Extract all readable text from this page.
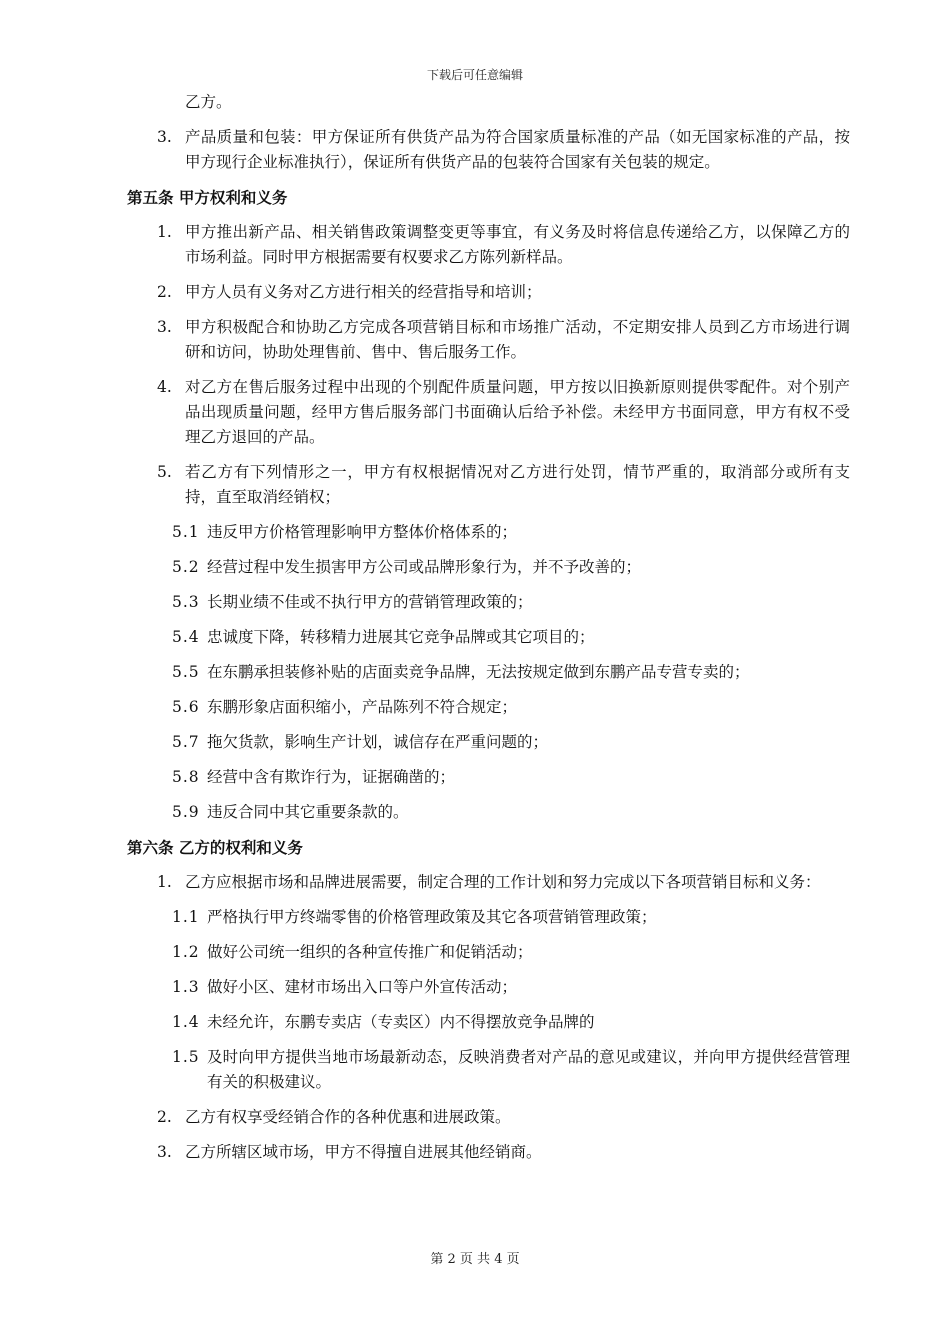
下载后可任意编辑
乙方。
3. 产品质量和包装：甲方保证所有供货产品为符合国家质量标准的产品（如无国家标准的产品，按甲方现行企业标准执行），保证所有供货产品的包装符合国家有关包装的规定。
第五条 甲方权利和义务
1. 甲方推出新产品、相关销售政策调整变更等事宜，有义务及时将信息传递给乙方，以保障乙方的市场利益。同时甲方根据需要有权要求乙方陈列新样品。
2. 甲方人员有义务对乙方进行相关的经营指导和培训；
3. 甲方积极配合和协助乙方完成各项营销目标和市场推广活动，不定期安排人员到乙方市场进行调研和访问，协助处理售前、售中、售后服务工作。
4. 对乙方在售后服务过程中出现的个别配件质量问题，甲方按以旧换新原则提供零配件。对个别产品出现质量问题，经甲方售后服务部门书面确认后给予补偿。未经甲方书面同意，甲方有权不受理乙方退回的产品。
5. 若乙方有下列情形之一，甲方有权根据情况对乙方进行处罚，情节严重的，取消部分或所有支持，直至取消经销权；
5.1 违反甲方价格管理影响甲方整体价格体系的；
5.2 经营过程中发生损害甲方公司或品牌形象行为，并不予改善的；
5.3 长期业绩不佳或不执行甲方的营销管理政策的；
5.4 忠诚度下降，转移精力进展其它竞争品牌或其它项目的；
5.5 在东鹏承担装修补贴的店面卖竞争品牌，无法按规定做到东鹏产品专营专卖的；
5.6 东鹏形象店面积缩小，产品陈列不符合规定；
5.7 拖欠货款，影响生产计划，诚信存在严重问题的；
5.8 经营中含有欺诈行为，证据确凿的；
5.9 违反合同中其它重要条款的。
第六条 乙方的权利和义务
1. 乙方应根据市场和品牌进展需要，制定合理的工作计划和努力完成以下各项营销目标和义务：
1.1 严格执行甲方终端零售的价格管理政策及其它各项营销管理政策；
1.2 做好公司统一组织的各种宣传推广和促销活动；
1.3 做好小区、建材市场出入口等户外宣传活动；
1.4 未经允许，东鹏专卖店（专卖区）内不得摆放竞争品牌的
1.5 及时向甲方提供当地市场最新动态，反映消费者对产品的意见或建议，并向甲方提供经营管理有关的积极建议。
2. 乙方有权享受经销合作的各种优惠和进展政策。
3. 乙方所辖区域市场，甲方不得擅自进展其他经销商。
第 2 页 共 4 页
